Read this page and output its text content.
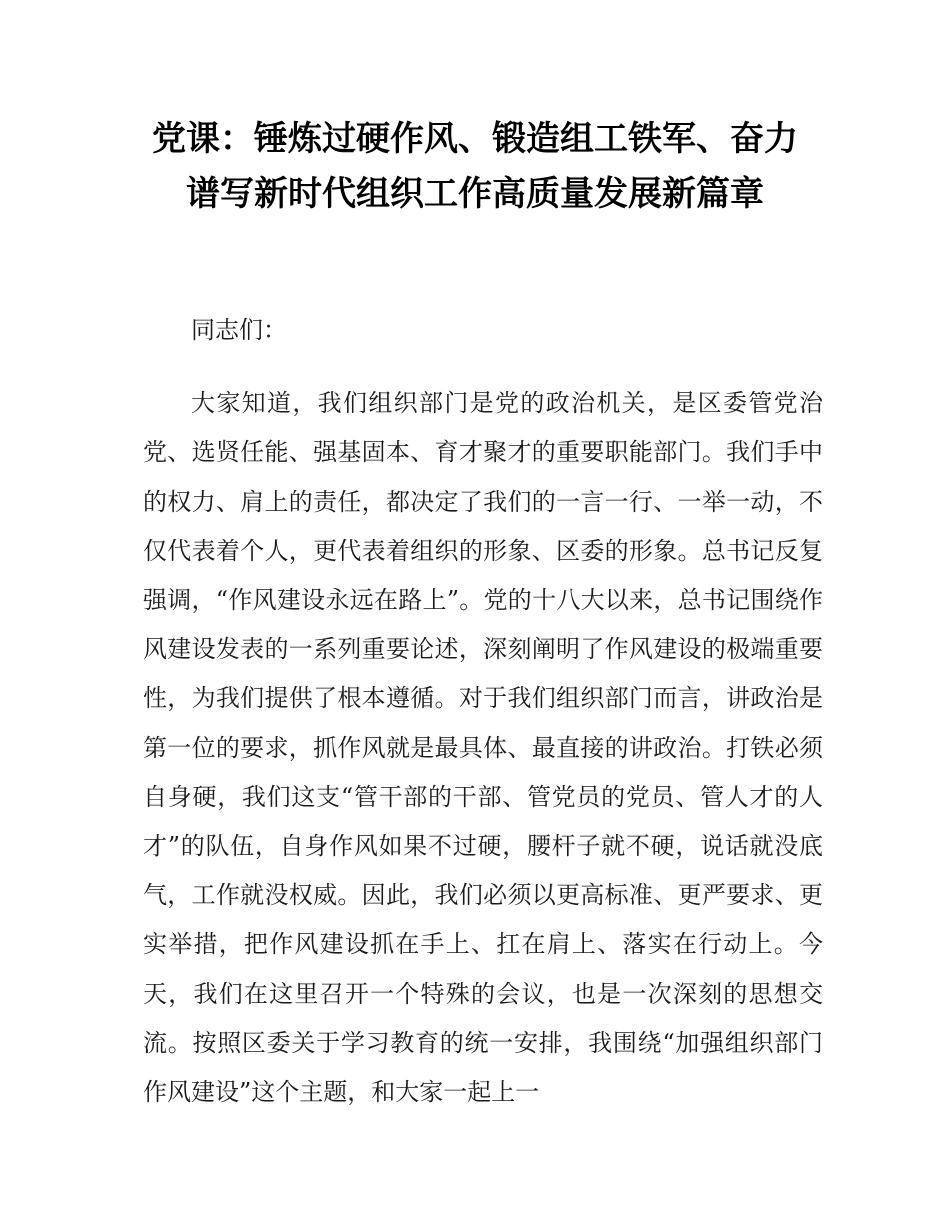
党课：锤炼过硬作风、锻造组工铁军、奋力
谱写新时代组织工作高质量发展新篇章

同志们：

大家知道，我们组织部门是党的政治机关，是区委管党治党、选贤任能、强基固本、育才聚才的重要职能部门。我们手中的权力、肩上的责任，都决定了我们的一言一行、一举一动，不仅代表着个人，更代表着组织的形象、区委的形象。总书记反复强调，“作风建设永远在路上”。党的十八大以来，总书记围绕作风建设发表的一系列重要论述，深刻阐明了作风建设的极端重要性，为我们提供了根本遵循。对于我们组织部门而言，讲政治是第一位的要求，抓作风就是最具体、最直接的讲政治。打铁必须自身硬，我们这支“管干部的干部、管党员的党员、管人才的人才”的队伍，自身作风如果不过硬，腰杆子就不硬，说话就没底气，工作就没权威。因此，我们必须以更高标准、更严要求、更实举措，把作风建设抓在手上、扛在肩上、落实在行动上。今天，我们在这里召开一个特殊的会议，也是一次深刻的思想交流。按照区委关于学习教育的统一安排，我围绕“加强组织部门作风建设”这个主题，和大家一起上一
